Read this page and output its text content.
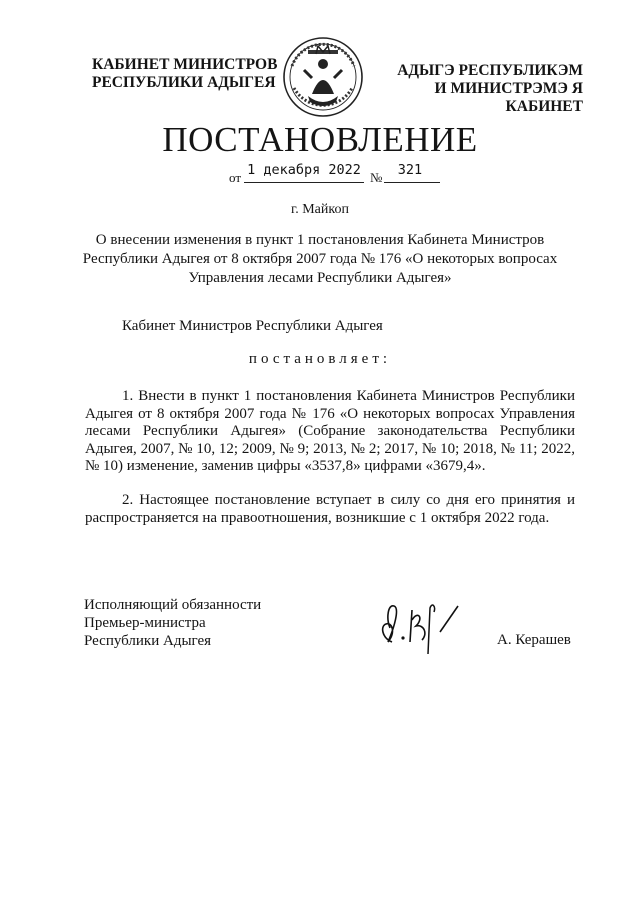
КАБИНЕТ МИНИСТРОВ
РЕСПУБЛИКИ АДЫГЕЯ
АДЫГЭ РЕСПУБЛИКЭМ
И МИНИСТРЭМЭ Я КАБИНЕТ
ПОСТАНОВЛЕНИЕ
от 1 декабря 2022 №	321
г. Майкоп
О внесении изменения в пункт 1 постановления Кабинета Министров
Республики Адыгея от 8 октября 2007 года № 176 «О некоторых вопросах
Управления лесами Республики Адыгея»
Кабинет Министров Республики Адыгея
постановляет:

1. Внести в пункт 1 постановления Кабинета Министров Республики Адыгея от 8 октября 2007 года № 176 «О некоторых вопросах Управления лесами Республики Адыгея» (Собрание законодательства Республики Адыгея, 2007, № 10, 12; 2009, № 9; 2013, № 2; 2017, № 10; 2018, № 11; 2022, № 10) изменение, заменив цифры «3537,8» цифрами «3679,4».

2. Настоящее постановление вступает в силу со дня его принятия и распространяется на правоотношения, возникшие с 1 октября 2022 года.

Исполняющий обязанности
Премьер-министра
Республики Адыгея	А. Керашев
